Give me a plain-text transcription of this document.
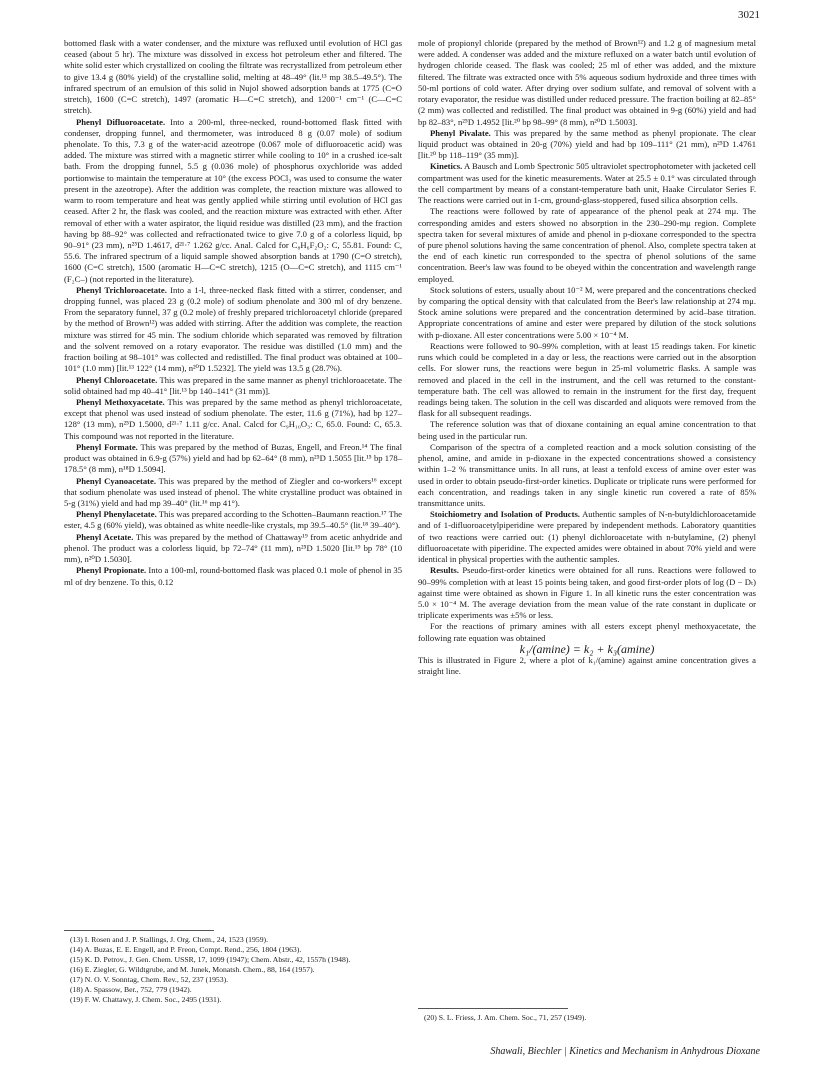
3021

bottomed flask with a water condenser, and the mixture was refluxed until evolution of HCl gas ceased (about 5 hr). The mixture was dissolved in excess hot petroleum ether and filtered. The white solid ester which crystallized on cooling the filtrate was recrystallized from petroleum ether to give 13.4 g (80% yield) of the crystalline solid, melting at 48–49° (lit.¹³ mp 38.5–49.5°). The infrared spectrum of an emulsion of this solid in Nujol showed adsorption bands at 1775 (C=O stretch), 1600 (C=C stretch), 1497 (aromatic H—C=C stretch), and 1200⁻¹ cm⁻¹ (C—C=C stretch).

Phenyl Difluoroacetate. Into a 200-ml, three-necked, round-bottomed flask fitted with condenser, dropping funnel, and thermometer, was introduced 8 g (0.07 mole) of sodium phenolate. To this, 7.3 g of the water-acid azeotrope (0.067 mole of difluoroacetic acid) was added. The mixture was stirred with a magnetic stirrer while cooling to 10° in a crushed ice-salt bath. From the dropping funnel, 5.5 g (0.036 mole) of phosphorus oxychloride was added portionwise to maintain the temperature at 10° (the excess POCl₃ was used to consume the water present in the azeotrope). After the addition was complete, the reaction mixture was allowed to warm to room temperature and heat was gently applied while stirring until evolution of HCl gas ceased. After 2 hr, the flask was cooled, and the reaction mixture was extracted with ether. After removal of ether with a water aspirator, the liquid residue was distilled (23 mm), and the fraction having bp 88–92° was collected and refractionated twice to give 7.0 g of a colorless liquid, bp 90–91° (23 mm), n²⁵D 1.4617, d²¹·⁷ 1.262 g/cc. Anal. Calcd for C₈H₆F₂O₂: C, 55.81. Found: C, 55.6. The infrared spectrum of a liquid sample showed absorption bands at 1790 (C=O stretch), 1600 (C=C stretch), 1500 (aromatic H—C=C stretch), 1215 (O—C=C stretch), and 1115 cm⁻¹ (F₂C–) (not reported in the literature).

Phenyl Trichloroacetate. Into a 1-l, three-necked flask fitted with a stirrer, condenser, and dropping funnel, was placed 23 g (0.2 mole) of sodium phenolate and 300 ml of dry benzene. From the separatory funnel, 37 g (0.2 mole) of freshly prepared trichloroacetyl chloride (prepared by the method of Brown¹²) was added with stirring. After the addition was complete, the reaction mixture was stirred for 45 min. The sodium chloride which separated was removed by filtration and the solvent removed on a rotary evaporator. The residue was distilled (1.0 mm) and the fraction boiling at 98–101° was collected and redistilled. The final product was obtained at 100–101° (1.0 mm) [lit.¹³ 122° (14 mm), n²⁰D 1.5232]. The yield was 13.5 g (28.7%).

Phenyl Chloroacetate. This was prepared in the same manner as phenyl trichloroacetate. The solid obtained had mp 40–41° [lit.¹³ bp 140–141° (31 mm)].

Phenyl Methoxyacetate. This was prepared by the same method as phenyl trichloroacetate, except that phenol was used instead of sodium phenolate. The ester, 11.6 g (71%), had bp 127–128° (13 mm), n²⁵D 1.5000, d²¹·⁷ 1.11 g/cc. Anal. Calcd for C₉H₁₀O₃: C, 65.0. Found: C, 65.3. This compound was not reported in the literature.

Phenyl Formate. This was prepared by the method of Buzas, Engell, and Freon.¹⁴ The final product was obtained in 6.9-g (57%) yield and had bp 62–64° (8 mm), n²⁵D 1.5055 [lit.¹⁵ bp 178–178.5° (8 mm), n¹⁸D 1.5094].

Phenyl Cyanoacetate. This was prepared by the method of Ziegler and co-workers¹⁶ except that sodium phenolate was used instead of phenol. The white crystalline product was obtained in 5-g (31%) yield and had mp 39–40° (lit.¹⁶ mp 41°).

Phenyl Phenylacetate. This was prepared according to the Schotten–Baumann reaction.¹⁷ The ester, 4.5 g (60% yield), was obtained as white needle-like crystals, mp 39.5–40.5° (lit.¹⁸ 39–40°).

Phenyl Acetate. This was prepared by the method of Chattaway¹⁹ from acetic anhydride and phenol. The product was a colorless liquid, bp 72–74° (11 mm), n²⁵D 1.5020 [lit.¹⁹ bp 78° (10 mm), n²⁰D 1.5030].

Phenyl Propionate. Into a 100-ml, round-bottomed flask was placed 0.1 mole of phenol in 35 ml of dry benzene. To this, 0.12

mole of propionyl chloride (prepared by the method of Brown¹²) and 1.2 g of magnesium metal were added. A condenser was added and the mixture refluxed on a water batch until evolution of hydrogen chloride ceased. The flask was cooled; 25 ml of ether was added, and the mixture filtered. The filtrate was extracted once with 5% aqueous sodium hydroxide and three times with 50-ml portions of cold water. After drying over sodium sulfate, and removal of solvent with a rotary evaporator, the residue was distilled under reduced pressure. The fraction boiling at 82–85° (2 mm) was collected and redistilled. The final product was obtained in 9-g (60%) yield and had bp 82–83°, n²⁵D 1.4952 [lit.²⁰ bp 98–99° (8 mm), n²⁰D 1.5003].

Phenyl Pivalate. This was prepared by the same method as phenyl propionate. The clear liquid product was obtained in 20-g (70%) yield and had bp 109–111° (21 mm), n²⁵D 1.4761 [lit.²⁰ bp 118–119° (35 mm)].

Kinetics. A Bausch and Lomb Spectronic 505 ultraviolet spectrophotometer with jacketed cell compartment was used for the kinetic measurements. Water at 25.5 ± 0.1° was circulated through the cell compartment by means of a constant-temperature bath unit, Haake Circulator Series F. The reactions were carried out in 1-cm, ground-glass-stoppered, fused silica absorption cells.

The reactions were followed by rate of appearance of the phenol peak at 274 mμ. The corresponding amides and esters showed no absorption in the 230–290-mμ region. Complete spectra taken for several mixtures of amide and phenol in p-dioxane corresponded to the spectra of pure phenol solutions having the same concentration of phenol. Also, complete spectra taken at the end of each kinetic run corresponded to the spectra of phenol solutions of the same concentration. Beer's law was found to be obeyed within the concentration and wavelength range employed.

Stock solutions of esters, usually about 10⁻² M, were prepared and the concentrations checked by comparing the optical density with that calculated from the Beer's law relationship at 274 mμ. Stock amine solutions were prepared and the concentration determined by acid–base titration. Appropriate concentrations of amine and ester were prepared by dilution of the stock solutions with p-dioxane. All ester concentrations were 5.00 × 10⁻⁴ M.

Reactions were followed to 90–99% completion, with at least 15 readings taken. For kinetic runs which could be completed in a day or less, the reactions were carried out in the absorption cells. For slower runs, the reactions were begun in 25-ml volumetric flasks. A sample was removed and placed in the cell in the instrument, and the cell was returned to the constant-temperature bath. The cell was allowed to remain in the instrument for the first day, frequent readings being taken. The solution in the cell was discarded and aliquots were removed from the flask for all subsequent readings.

The reference solution was that of dioxane containing an equal amine concentration to that being used in the particular run.

Comparison of the spectra of a completed reaction and a mock solution consisting of the phenol, amine, and amide in p-dioxane in the expected concentrations showed a consistency within 1–2 % transmittance units. In all runs, at least a tenfold excess of amine over ester was used in order to obtain pseudo-first-order kinetics. Duplicate or triplicate runs were performed for each concentration, and readings taken in any single kinetic run covered a rate of 85% transmittance units.

Stoichiometry and Isolation of Products. Authentic samples of N-n-butyldichloroacetamide and of 1-difluoroacetylpiperidine were prepared by independent methods. Laboratory quantities of two reactions were carried out: (1) phenyl dichloroacetate with n-butylamine, (2) phenyl difluoroacetate with piperidine. The expected amides were obtained in about 70% yield and were identical in physical properties with the authentic samples.

Results. Pseudo-first-order kinetics were obtained for all runs. Reactions were followed to 90–99% completion with at least 15 points being taken, and good first-order plots of log (D − Dₜ) against time were obtained as shown in Figure 1. In all kinetic runs the ester concentration was 5.0 × 10⁻⁴ M. The average deviation from the mean value of the rate constant in duplicate or triplicate experiments was ±5% or less.

For the reactions of primary amines with all esters except phenyl methoxyacetate, the following rate equation was obtained

k₁/(amine) = k₂ + k₃(amine)

This is illustrated in Figure 2, where a plot of k₁/(amine) against amine concentration gives a straight line.

(13) I. Rosen and J. P. Stallings, J. Org. Chem., 24, 1523 (1959).

(14) A. Buzas, E. E. Engell, and P. Freon, Compt. Rend., 256, 1804 (1963).

(15) K. D. Petrov., J. Gen. Chem. USSR, 17, 1099 (1947); Chem. Abstr., 42, 1557h (1948).

(16) E. Ziegler, G. Wildtgrube, and M. Junek, Monatsh. Chem., 88, 164 (1957).

(17) N. O. V. Sonntag, Chem. Rev., 52, 237 (1953).

(18) A. Spassow, Ber., 752, 779 (1942).

(19) F. W. Chattawy, J. Chem. Soc., 2495 (1931).

(20) S. L. Friess, J. Am. Chem. Soc., 71, 257 (1949).

Shawali, Biechler | Kinetics and Mechanism in Anhydrous Dioxane
